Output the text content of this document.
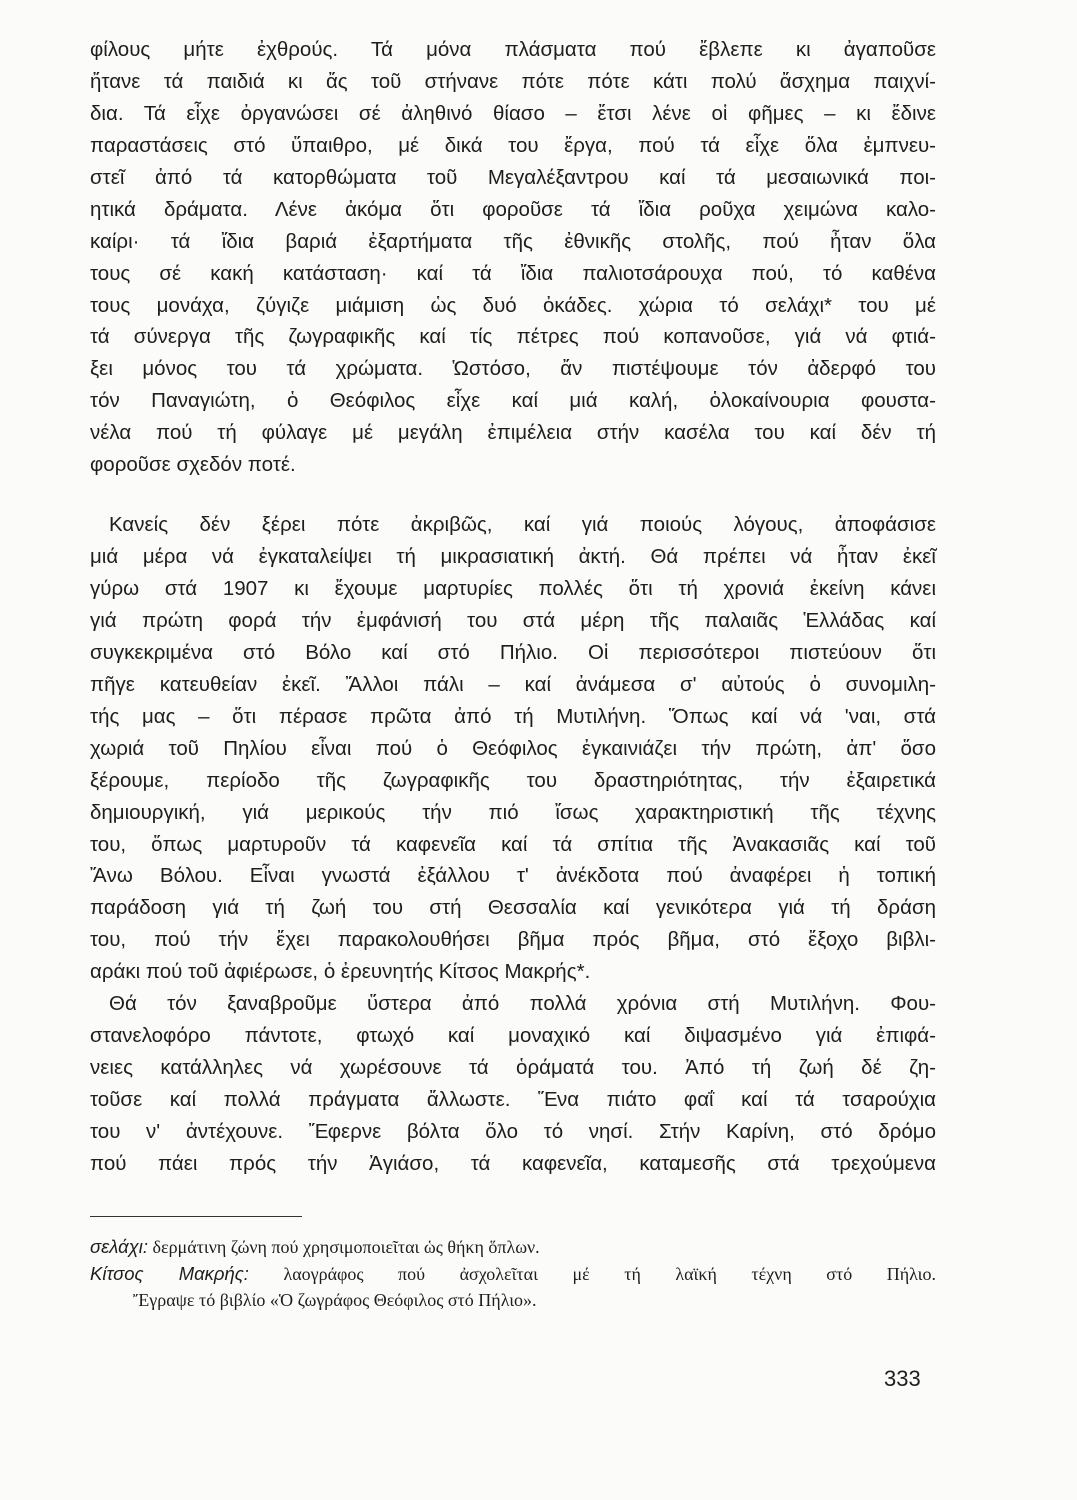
φίλους μήτε ἐχθρούς. Τά μόνα πλάσματα πού ἔβλεπε κι ἀγαποῦσε
ἤτανε τά παιδιά κι ἄς τοῦ στήνανε πότε πότε κάτι πολύ ἄσχημα παιχνί-
δια. Τά εἶχε ὀργανώσει σέ ἀληθινό θίασο – ἔτσι λένε οἱ φῆμες – κι ἔδινε
παραστάσεις στό ὕπαιθρο, μέ δικά του ἔργα, πού τά εἶχε ὅλα ἐμπνευ-
στεῖ ἀπό τά κατορθώματα τοῦ Μεγαλέξαντρου καί τά μεσαιωνικά ποι-
ητικά δράματα. Λένε ἀκόμα ὅτι φοροῦσε τά ἴδια ροῦχα χειμώνα καλο-
καίρι· τά ἴδια βαριά ἐξαρτήματα τῆς ἐθνικῆς στολῆς, πού ἦταν ὅλα
τους σέ κακή κατάσταση· καί τά ἴδια παλιοτσάρουχα πού, τό καθένα
τους μονάχα, ζύγιζε μιάμιση ὡς δυό ὀκάδες. χώρια τό σελάχι* του μέ
τά σύνεργα τῆς ζωγραφικῆς καί τίς πέτρες πού κοπανοῦσε, γιά νά φτιά-
ξει μόνος του τά χρώματα. Ὡστόσο, ἄν πιστέψουμε τόν ἀδερφό του
τόν Παναγιώτη, ὁ Θεόφιλος εἶχε καί μιά καλή, ὁλοκαίνουρια φουστα-
νέλα πού τή φύλαγε μέ μεγάλη ἐπιμέλεια στήν κασέλα του καί δέν τή
φοροῦσε σχεδόν ποτέ.
Κανείς δέν ξέρει πότε ἀκριβῶς, καί γιά ποιούς λόγους, ἀποφάσισε
μιά μέρα νά ἐγκαταλείψει τή μικρασιατική ἀκτή. Θά πρέπει νά ἦταν ἐκεῖ
γύρω στά 1907 κι ἔχουμε μαρτυρίες πολλές ὅτι τή χρονιά ἐκείνη κάνει
γιά πρώτη φορά τήν ἐμφάνισή του στά μέρη τῆς παλαιᾶς Ἑλλάδας καί
συγκεκριμένα στό Βόλο καί στό Πήλιο. Οἱ περισσότεροι πιστεύουν ὅτι
πῆγε κατευθείαν ἐκεῖ. Ἄλλοι πάλι – καί ἀνάμεσα σ' αὐτούς ὁ συνομιλη-
τής μας – ὅτι πέρασε πρῶτα ἀπό τή Μυτιλήνη. Ὅπως καί νά 'ναι, στά
χωριά τοῦ Πηλίου εἶναι πού ὁ Θεόφιλος ἐγκαινιάζει τήν πρώτη, ἀπ' ὅσο
ξέρουμε, περίοδο τῆς ζωγραφικῆς του δραστηριότητας, τήν ἐξαιρετικά
δημιουργική, γιά μερικούς τήν πιό ἴσως χαρακτηριστική τῆς τέχνης
του, ὅπως μαρτυροῦν τά καφενεῖα καί τά σπίτια τῆς Ἀνακασιᾶς καί τοῦ
Ἄνω Βόλου. Εἶναι γνωστά ἐξάλλου τ' ἀνέκδοτα πού ἀναφέρει ἡ τοπική
παράδοση γιά τή ζωή του στή Θεσσαλία καί γενικότερα γιά τή δράση
του, πού τήν ἔχει παρακολουθήσει βῆμα πρός βῆμα, στό ἔξοχο βιβλι-
αράκι πού τοῦ ἀφιέρωσε, ὁ ἐρευνητής Κίτσος Μακρής*.
Θά τόν ξαναβροῦμε ὕστερα ἀπό πολλά χρόνια στή Μυτιλήνη. Φου-
στανελοφόρο πάντοτε, φτωχό καί μοναχικό καί διψασμένο γιά ἐπιφά-
νειες κατάλληλες νά χωρέσουνε τά ὁράματά του. Ἀπό τή ζωή δέ ζη-
τοῦσε καί πολλά πράγματα ἄλλωστε. Ἕνα πιάτο φαΐ καί τά τσαρούχια
του ν' ἀντέχουνε. Ἔφερνε βόλτα ὅλο τό νησί. Στήν Καρίνη, στό δρόμο
πού πάει πρός τήν Ἀγιάσο, τά καφενεῖα, καταμεσῆς στά τρεχούμενα
σελάχι: δερμάτινη ζώνη πού χρησιμοποιεῖται ὡς θήκη ὅπλων.
Κίτσος Μακρής: λαογράφος πού ἀσχολεῖται μέ τή λαϊκή τέχνη στό Πήλιο.
Ἔγραψε τό βιβλίο «Ὁ ζωγράφος Θεόφιλος στό Πήλιο».
333
